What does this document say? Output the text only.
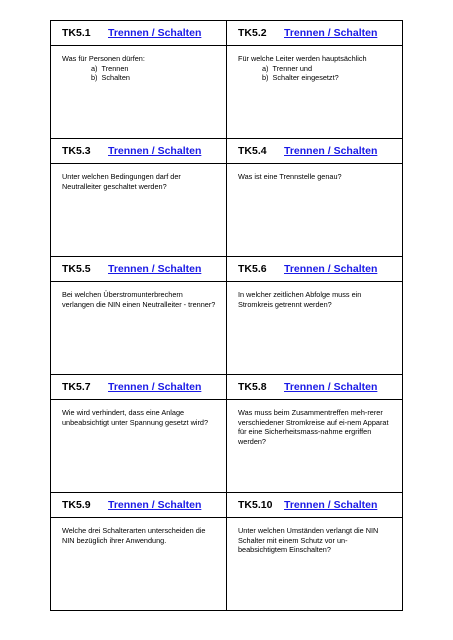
TK5.1	Trennen / Schalten
Was für Personen dürfen:
a)  Trennen
b)  Schalten
TK5.2	Trennen / Schalten
Für welche Leiter werden hauptsächlich
a)  Trenner und
b)  Schalter eingesetzt?
TK5.3	Trennen / Schalten
Unter welchen Bedingungen darf der Neutralleiter geschaltet werden?
TK5.4	Trennen / Schalten
Was ist eine Trennstelle genau?
TK5.5	Trennen / Schalten
Bei welchen Überstromunterbrechern verlangen die NIN einen Neutralleiter - trenner?
TK5.6	Trennen / Schalten
In welcher zeitlichen Abfolge muss ein Stromkreis getrennt werden?
TK5.7	Trennen / Schalten
Wie wird verhindert, dass eine Anlage unbeabsichtigt unter Spannung gesetzt wird?
TK5.8	Trennen / Schalten
Was muss beim Zusammentreffen meh-rerer verschiedener Stromkreise auf ei-nem Apparat für eine Sicherheitsmass-nahme ergriffen werden?
TK5.9	Trennen / Schalten
Welche drei Schalterarten unterscheiden die NIN bezüglich ihrer Anwendung.
TK5.10	Trennen / Schalten
Unter welchen Umständen verlangt die NIN Schalter mit einem Schutz vor un-beabsichtigtem Einschalten?
